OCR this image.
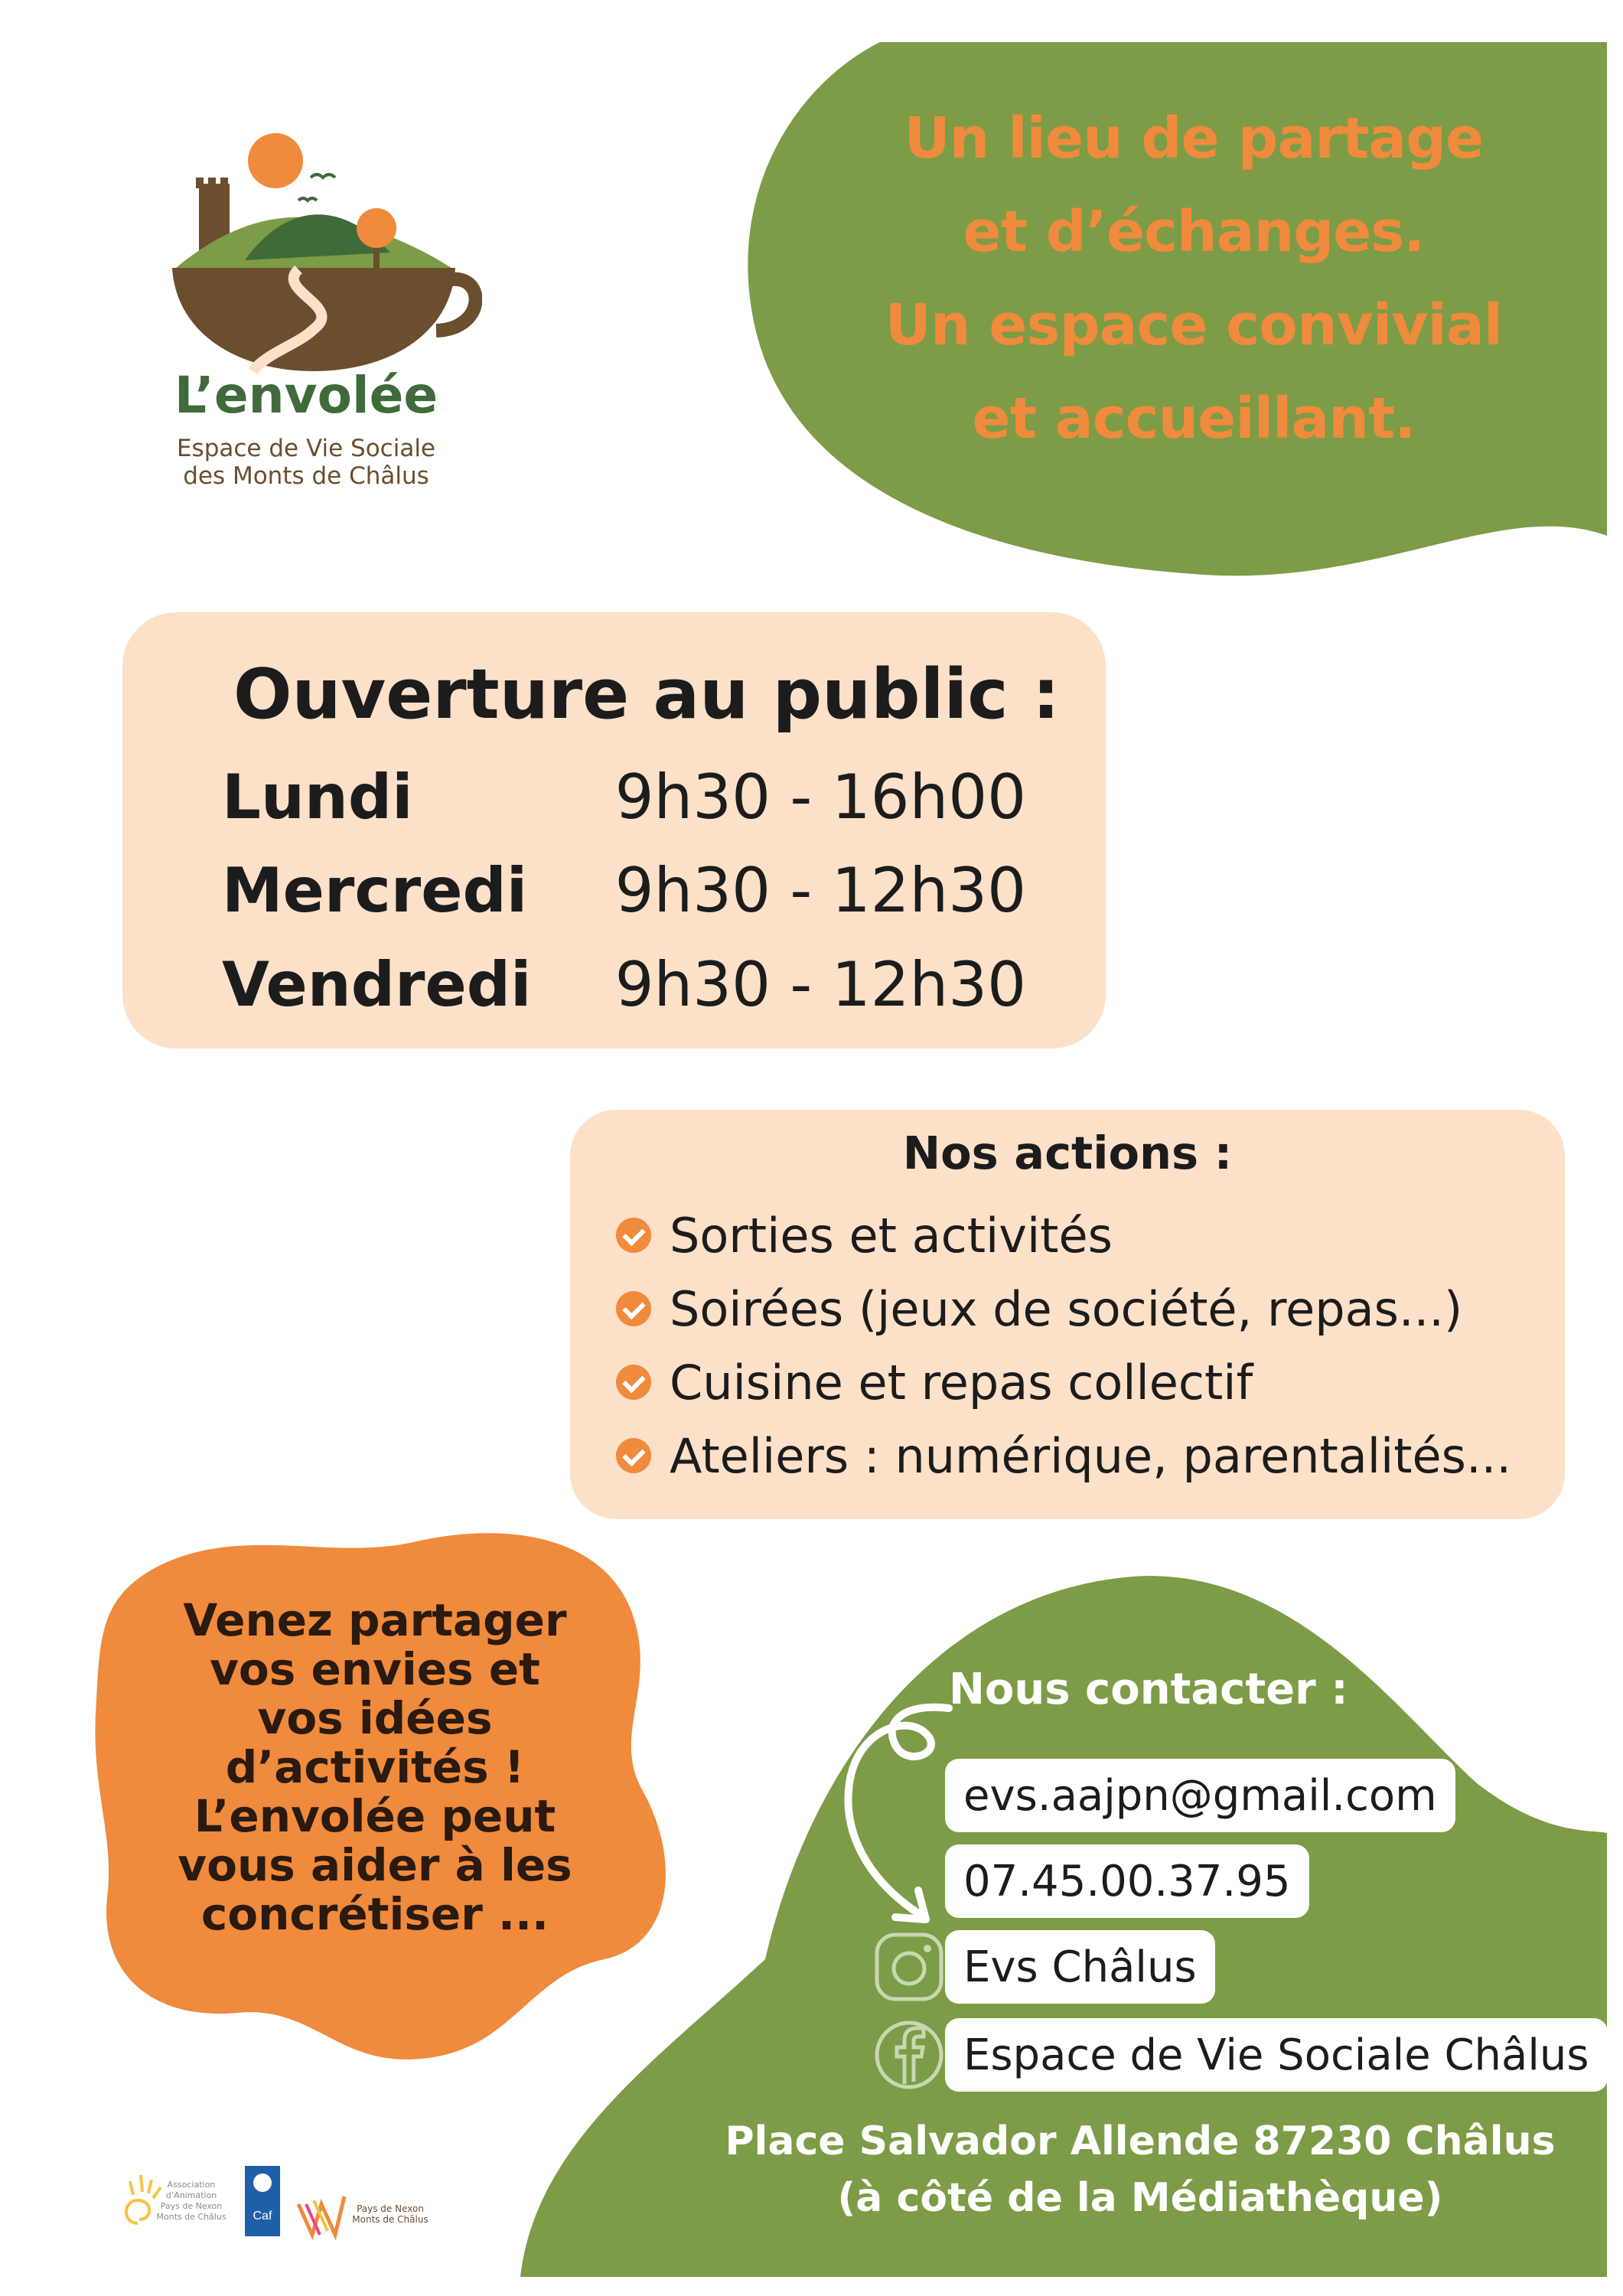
Un lieu de partage
et d’échanges.
Un espace convivial
et accueillant.
L’envolée
Espace de Vie Sociale
des Monts de Châlus
Ouverture au public :
Lundi	9h30 - 16h00
Mercredi 9h30 - 12h30
Vendredi 9h30 - 12h30
Nos actions :
Sorties et activités
Soirées (jeux de société, repas...)
Cuisine et repas collectif
Ateliers : numérique, parentalités...
Venez partager
vos envies et
vos idées
d’activités !
L’envolée peut
vous aider à les
concrétiser ...
Nous contacter :
evs.aajpn@gmail.com
07.45.00.37.95
Evs Châlus
Espace de Vie Sociale Châlus
Place Salvador Allende 87230 Châlus
(à côté de la Médiathèque)
Association
d’Animation
Pays de Nexon
Monts de Châlus Caf
Pays de Nexon
Monts de Châlus
